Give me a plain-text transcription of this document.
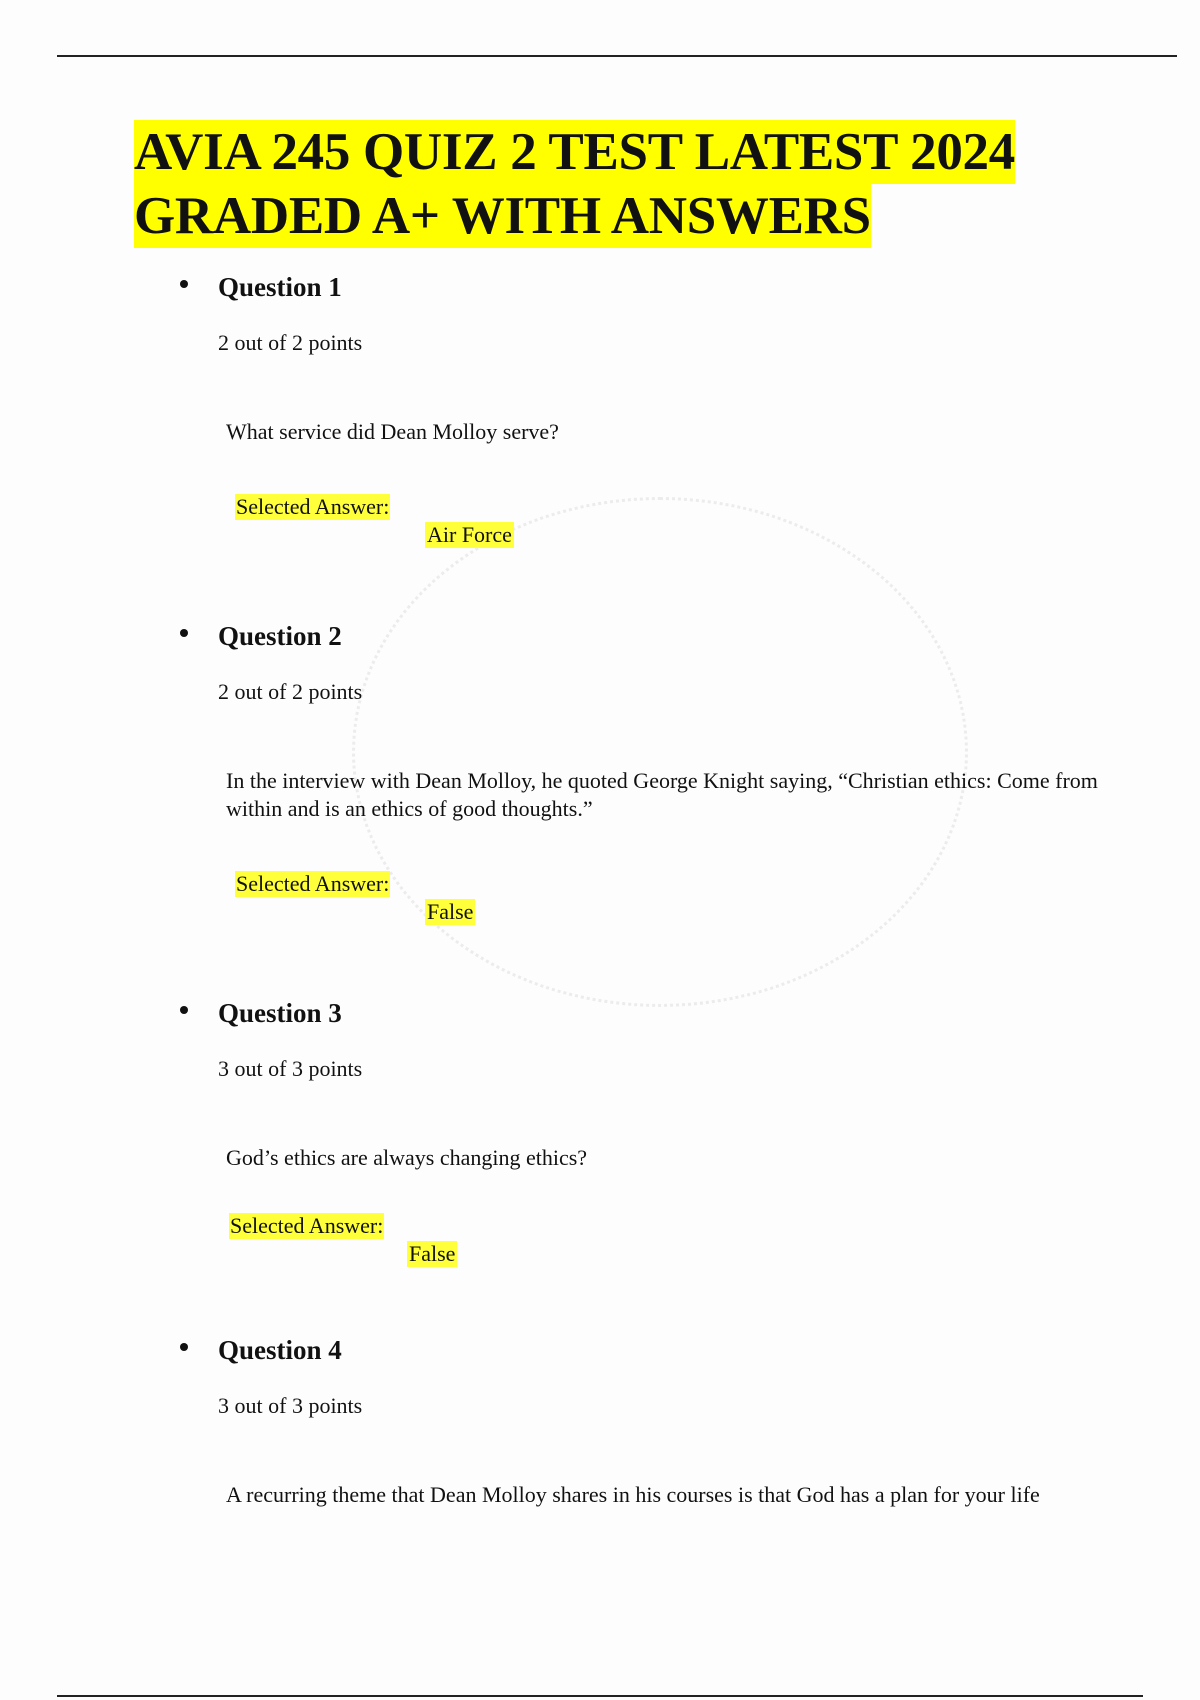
AVIA 245 QUIZ 2 TEST LATEST 2024
GRADED A+ WITH ANSWERS
Question 1
2 out of 2 points
What service did Dean Molloy serve?
Selected Answer:
Air Force
Question 2
2 out of 2 points
In the interview with Dean Molloy, he quoted George Knight saying, “Christian ethics: Come from within and is an ethics of good thoughts.”
Selected Answer:
False
Question 3
3 out of 3 points
God’s ethics are always changing ethics?
Selected Answer:
False
Question 4
3 out of 3 points
A recurring theme that Dean Molloy shares in his courses is that God has a plan for your life
